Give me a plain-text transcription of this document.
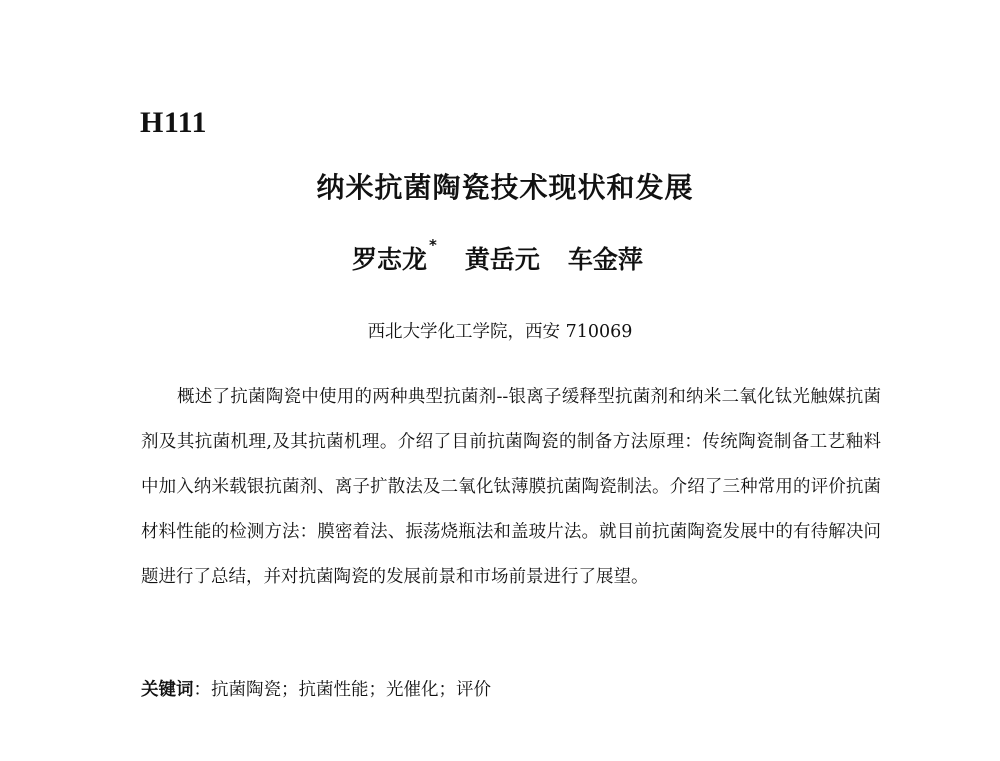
H111
纳米抗菌陶瓷技术现状和发展
罗志龙 * 黄岳元 车金萍
西北大学化工学院，西安 710069

概述了抗菌陶瓷中使用的两种典型抗菌剂--银离子缓释型抗菌剂和纳米二氧化钛光触媒抗菌剂及其抗菌机理,及其抗菌机理。介绍了目前抗菌陶瓷的制备方法原理：传统陶瓷制备工艺釉料中加入纳米载银抗菌剂、离子扩散法及二氧化钛薄膜抗菌陶瓷制法。介绍了三种常用的评价抗菌材料性能的检测方法：膜密着法、振荡烧瓶法和盖玻片法。就目前抗菌陶瓷发展中的有待解决问题进行了总结，并对抗菌陶瓷的发展前景和市场前景进行了展望。

关键词：抗菌陶瓷；抗菌性能；光催化；评价
